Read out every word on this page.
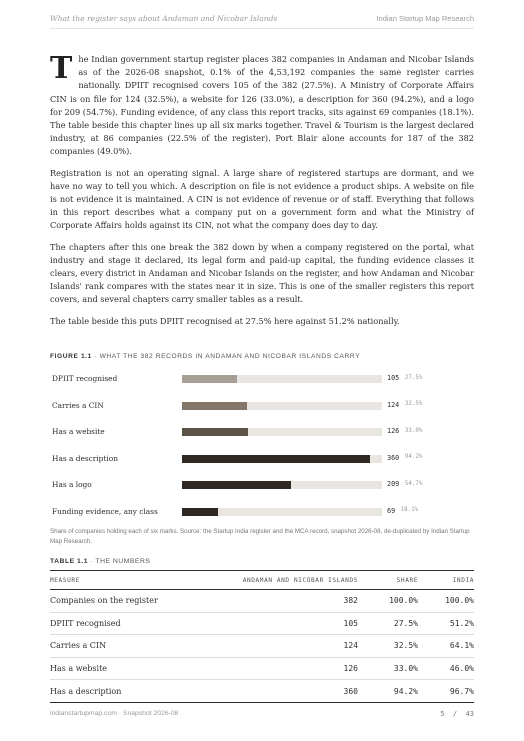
What the register says about Andaman and Nicobar Islands	Indian Startup Map Research

The Indian government startup register places 382 companies in Andaman and Nicobar Islands as of the 2026-08 snapshot, 0.1% of the 4,53,192 companies the same register carries nationally. DPIIT recognised covers 105 of the 382 (27.5%). A Ministry of Corporate Affairs CIN is on file for 124 (32.5%), a website for 126 (33.0%), a description for 360 (94.2%), and a logo for 209 (54.7%). Funding evidence, of any class this report tracks, sits against 69 companies (18.1%). The table beside this chapter lines up all six marks together. Travel & Tourism is the largest declared industry, at 86 companies (22.5% of the register). Port Blair alone accounts for 187 of the 382 companies (49.0%).

Registration is not an operating signal. A large share of registered startups are dormant, and we have no way to tell you which. A description on file is not evidence a product ships. A website on file is not evidence it is maintained. A CIN is not evidence of revenue or of staff. Everything that follows in this report describes what a company put on a government form and what the Ministry of Corporate Affairs holds against its CIN, not what the company does day to day.

The chapters after this one break the 382 down by when a company registered on the portal, what industry and stage it declared, its legal form and paid-up capital, the funding evidence classes it clears, every district in Andaman and Nicobar Islands on the register, and how Andaman and Nicobar Islands' rank compares with the states near it in size. This is one of the smaller registers this report covers, and several chapters carry smaller tables as a result.

The table beside this puts DPIIT recognised at 27.5% here against 51.2% nationally.

FIGURE 1.1 · WHAT THE 382 RECORDS IN ANDAMAN AND NICOBAR ISLANDS CARRY
DPIIT recognised	105 27.5%
Carries a CIN	124 32.5%
Has a website	126 33.0%
Has a description	360 94.2%
Has a logo	209 54.7%
Funding evidence, any class	69 18.1%
Share of companies holding each of six marks. Source: the Startup India register and the MCA record, snapshot 2026-08, de-duplicated by Indian Startup Map Research.
TABLE 1.1 · THE NUMBERS
MEASURE	ANDAMAN AND NICOBAR ISLANDS	SHARE	INDIA
Companies on the register	382	100.0%	100.0%
DPIIT recognised	105	27.5%	51.2%
Carries a CIN	124	32.5%	64.1%
Has a website	126	33.0%	46.0%
Has a description	360	94.2%	96.7%
indianstartupmap.com · Snapshot 2026-08	5 / 43
